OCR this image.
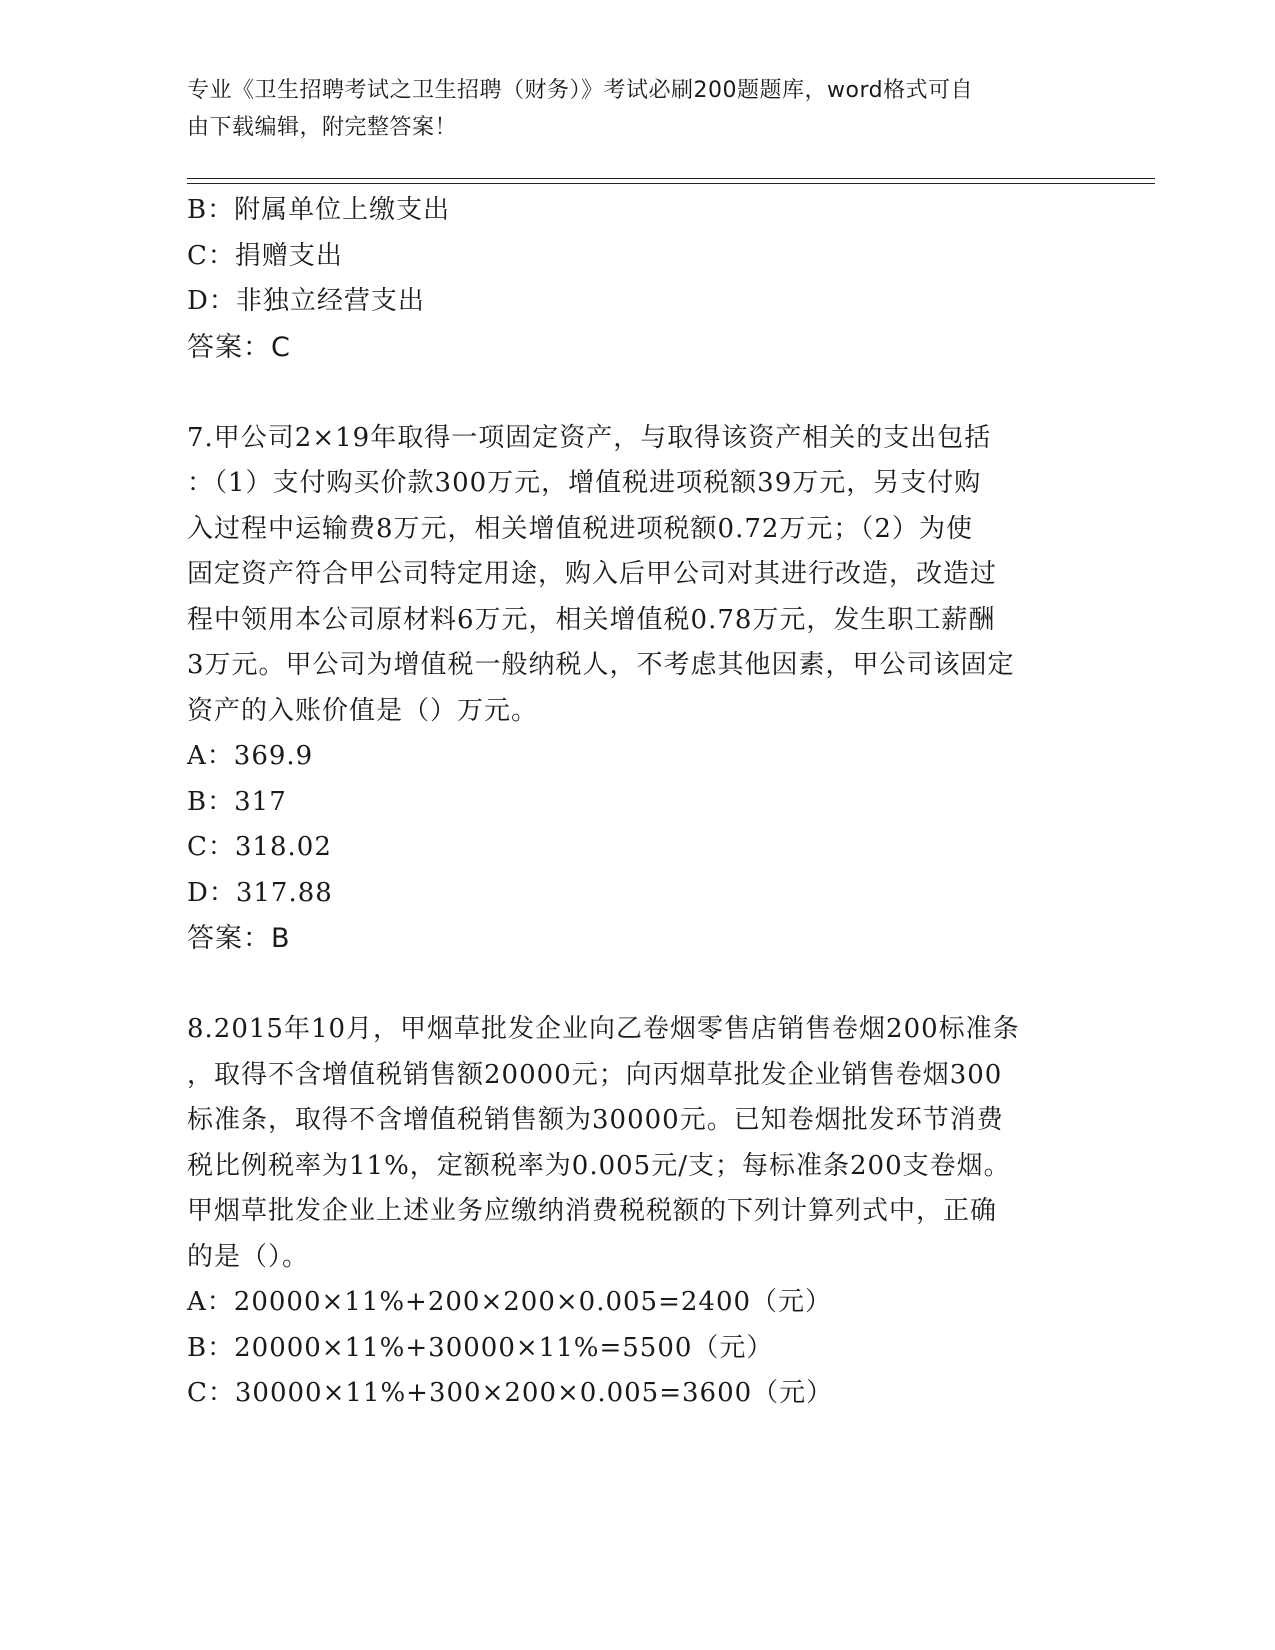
专业《卫生招聘考试之卫生招聘（财务）》考试必刷200题题库，word格式可自
由下载编辑，附完整答案！
B：附属单位上缴支出
C：捐赠支出
D：非独立经营支出
答案：C
7.甲公司2×19年取得一项固定资产，与取得该资产相关的支出包括
：（1）支付购买价款300万元，增值税进项税额39万元，另支付购
入过程中运输费8万元，相关增值税进项税额0.72万元；（2）为使
固定资产符合甲公司特定用途，购入后甲公司对其进行改造，改造过
程中领用本公司原材料6万元，相关增值税0.78万元，发生职工薪酬
3万元。甲公司为增值税一般纳税人，不考虑其他因素，甲公司该固定
资产的入账价值是（）万元。
A：369.9
B：317
C：318.02
D：317.88
答案：B
8.2015年10月，甲烟草批发企业向乙卷烟零售店销售卷烟200标准条
，取得不含增值税销售额20000元；向丙烟草批发企业销售卷烟300
标准条，取得不含增值税销售额为30000元。已知卷烟批发环节消费
税比例税率为11%，定额税率为0.005元/支；每标准条200支卷烟。
甲烟草批发企业上述业务应缴纳消费税税额的下列计算列式中，正确
的是（）。
A：20000×11%+200×200×0.005=2400（元）
B：20000×11%+30000×11%=5500（元）
C：30000×11%+300×200×0.005=3600（元）
